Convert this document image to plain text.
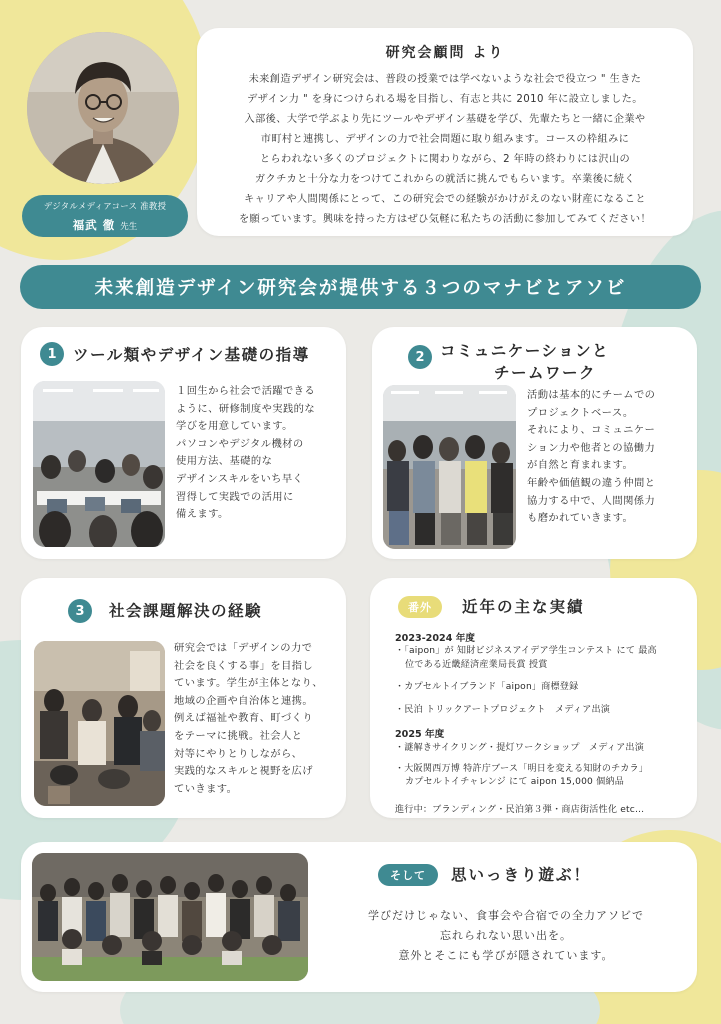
デジタルメディアコース 准教授
福武 徹 先生
研究会顧問 より
未来創造デザイン研究会は、普段の授業では学べないような社会で役立つ " 生きた
デザイン力 " を身につけられる場を目指し、有志と共に 2010 年に設立しました。
入部後、大学で学ぶより先にツールやデザイン基礎を学び、先輩たちと一緒に企業や
市町村と連携し、デザインの力で社会問題に取り組みます。コースの枠組みに
とらわれない多くのプロジェクトに関わりながら、2 年時の終わりには沢山の
ガクチカと十分な力をつけてこれからの就活に挑んでもらいます。卒業後に続く
キャリアや人間関係にとって、この研究会での経験がかけがえのない財産になること
を願っています。興味を持った方はぜひ気軽に私たちの活動に参加してみてください！
未来創造デザイン研究会が提供する３つのマナビとアソビ
1	ツール類やデザイン基礎の指導
１回生から社会で活躍できる
ように、研修制度や実践的な
学びを用意しています。
パソコンやデジタル機材の
使用方法、基礎的な
デザインスキルをいち早く
習得して実践での活用に
備えます。
2 コミュニケーションと
チームワーク
活動は基本的にチームでの
プロジェクトベース。
それにより、コミュニケー
ション力や他者との協働力
が自然と育まれます。
年齢や価値観の違う仲間と
協力する中で、人間関係力
も磨かれていきます。
3	社会課題解決の経験
研究会では「デザインの力で
社会を良くする事」を目指し
ています。学生が主体となり、
地域の企画や自治体と連携。
例えば福祉や教育、町づくり
をテーマに挑戦。社会人と
対等にやりとりしながら、
実践的なスキルと視野を広げ
ていきます。
番外	近年の主な実績
2023-2024 年度
・「aipon」が 知財ビジネスアイデア学生コンテスト にて 最高位である近畿経済産業局長賞 授賞
・カプセルトイブランド「aipon」商標登録
・民泊 トリックアートプロジェクト　メディア出演
2025 年度
・謎解きサイクリング・提灯ワークショップ　メディア出演
・大阪関西万博 特許庁ブース「明日を変える知財のチカラ」 カプセルトイチャレンジ にて aipon 15,000 個納品
進行中：ブランディング・民泊第３弾・商店街活性化 etc…
そして	思いっきり遊ぶ！
学びだけじゃない、食事会や合宿での全力アソビで
忘れられない思い出を。
意外とそこにも学びが隠されています。
